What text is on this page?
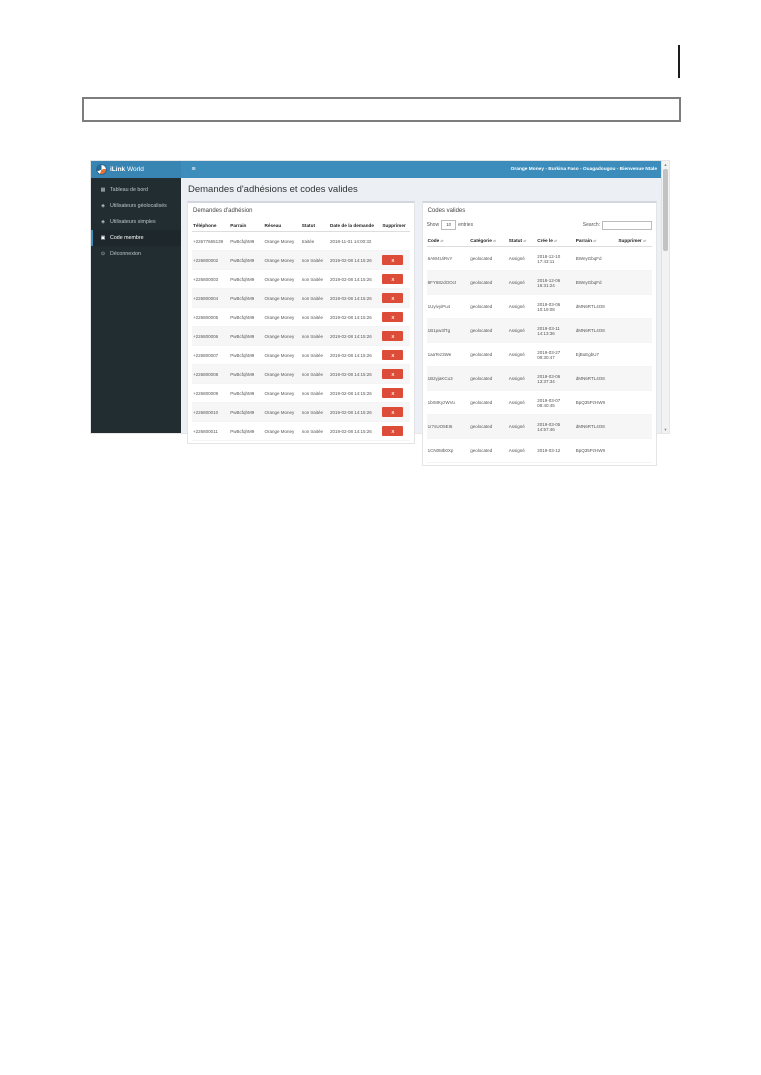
Orange Money - Burkina Faso - Ouagadougou - Bienvenue Ntale
iLink World	≡
▦ Tableau de bord
◈ Utilisateurs géolocalisés
◈ Utilisateurs simples
▣ Code membre
⊙ Déconnexion
Demandes d'adhésions et codes valides
Demandes d'adhésion
Téléphone	Parrain	Réseau	Statut	Date de la demande	Supprimer
+22677665139	PwBcfqhM9	Orange Money	traitée	2018-11-01 14:00:32	
+226800002	PwBcfqhM9	Orange Money	non traitée	2019-02-08 14:15:26	X

+226800003	PwBcfqhM9	Orange Money	non traitée	2019-02-08 14:15:26	X

+226800004	PwBcfqhM9	Orange Money	non traitée	2019-02-08 14:15:26	X

+226800005	PwBcfqhM9	Orange Money	non traitée	2019-02-08 14:15:26	X

+226800006	PwBcfqhM9	Orange Money	non traitée	2019-02-08 14:15:26	X

+226800007	PwBcfqhM9	Orange Money	non traitée	2019-02-08 14:15:26	X

+226800008	PwBcfqhM9	Orange Money	non traitée	2019-02-08 14:15:26	X

+226800009	PwBcfqhM9	Orange Money	non traitée	2019-02-08 14:15:26	X

+226800010	PwBcfqhM9	Orange Money	non traitée	2019-02-08 14:15:26	X

+226800011	PwBcfqhM9	Orange Money	non traitée	2019-02-08 14:15:26	X
Codes valides
Show	10	entries	Search:
Code▴▾	Catégorie▴▾	Statut▴▾	Crée le▴▾	Parrain▴▾	Supprimer▴▾
6AW4UiRvY	geolocated	Assigné	2018-12-10 17:43:11	BWeyGbqFd	
8FY68zdOOct	geolocated	Assigné	2018-12-06 16:31:24	BWeyGbqFd	
1UyivyiPu4	geolocated	Assigné	2019-03-06 10:19:08	dMN6RTL4O8	
1B1pw3lTg	geolocated	Assigné	2019-03-11 14:13:36	dMN6RTL4O8	
1aaTez3We	geolocated	Assigné	2019-03-27 09:30:47	EjBuEgbU7	
1B2yjaKCu3	geolocated	Assigné	2019-03-06 13:37:34	dMN6RTL4O8	
1brMKyzWVu	geolocated	Assigné	2019-03-07 08:40:45	BpQ35PzHW9	
1r7sUO5EI6	geolocated	Assigné	2019-03-05 14:57:46	dMN6RTL4O8	
1CN0Mb0Xp	geolocated	Assigné	2019-03-12	BpQ35PzHW9	
▲
▼
